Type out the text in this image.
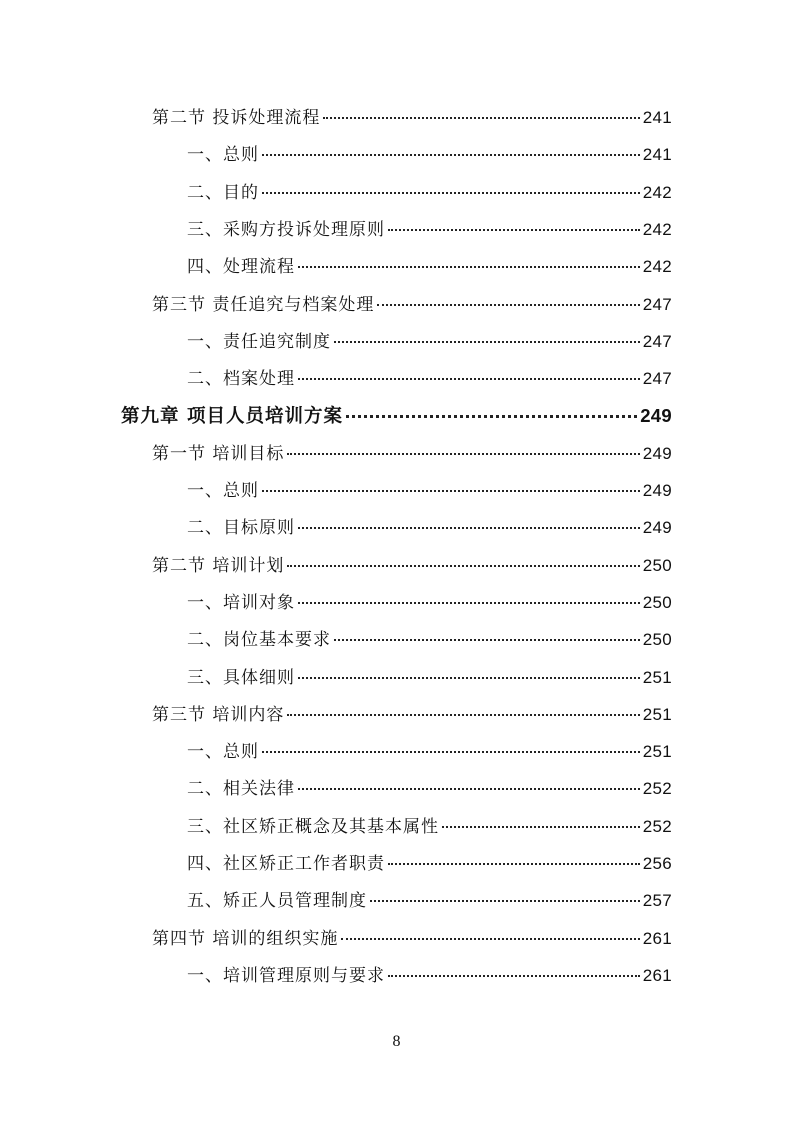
第二节 投诉处理流程	241
一、总则	241
二、目的	242
三、采购方投诉处理原则	242
四、处理流程	242
第三节 责任追究与档案处理	247
一、责任追究制度	247
二、档案处理	247
第九章 项目人员培训方案	249
第一节 培训目标	249
一、总则	249
二、目标原则	249
第二节 培训计划	250
一、培训对象	250
二、岗位基本要求	250
三、具体细则	251
第三节 培训内容	251
一、总则	251
二、相关法律	252
三、社区矫正概念及其基本属性	252
四、社区矫正工作者职责	256
五、矫正人员管理制度	257
第四节 培训的组织实施	261
一、培训管理原则与要求	261
8
